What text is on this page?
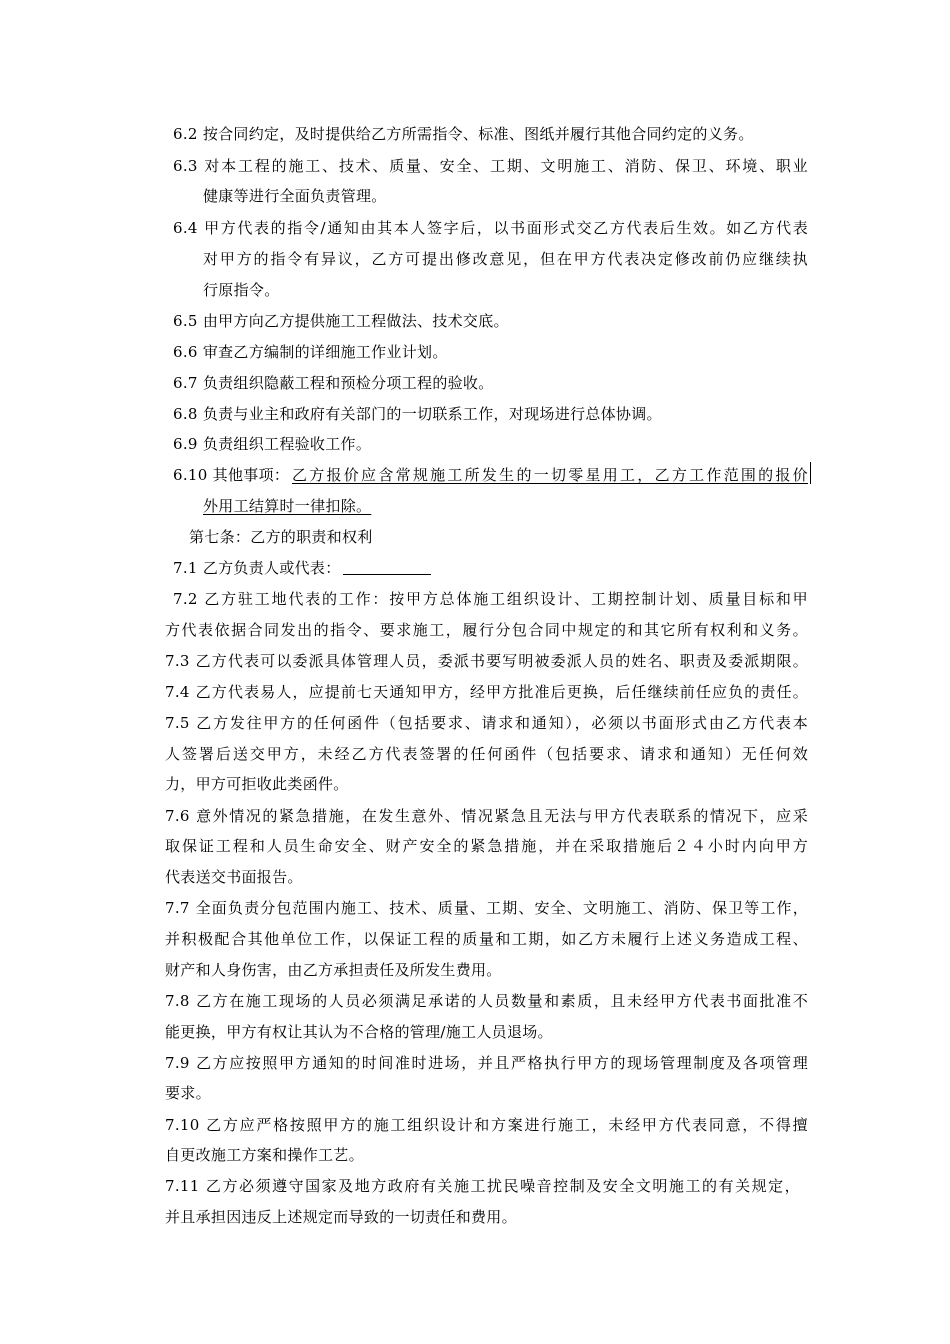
6.2 按合同约定，及时提供给乙方所需指令、标准、图纸并履行其他合同约定的义务。
6.3 对本工程的施工、技术、质量、安全、工期、文明施工、消防、保卫、环境、职业
健康等进行全面负责管理。
6.4 甲方代表的指令/通知由其本人签字后，以书面形式交乙方代表后生效。如乙方代表
对甲方的指令有异议，乙方可提出修改意见，但在甲方代表决定修改前仍应继续执
行原指令。
6.5 由甲方向乙方提供施工工程做法、技术交底。
6.6 审查乙方编制的详细施工作业计划。
6.7 负责组织隐蔽工程和预检分项工程的验收。
6.8 负责与业主和政府有关部门的一切联系工作，对现场进行总体协调。
6.9 负责组织工程验收工作。
6.10 其他事项： 乙方报价应含常规施工所发生的一切零星用工，乙方工作范围的报价
外用工结算时一律扣除。
第七条：乙方的职责和权利
7.1 乙方负责人或代表：
7.2 乙方驻工地代表的工作：按甲方总体施工组织设计、工期控制计划、质量目标和甲
方代表依据合同发出的指令、要求施工，履行分包合同中规定的和其它所有权利和义务。
7.3 乙方代表可以委派具体管理人员，委派书要写明被委派人员的姓名、职责及委派期限。
7.4 乙方代表易人，应提前七天通知甲方，经甲方批准后更换，后任继续前任应负的责任。
7.5 乙方发往甲方的任何函件（包括要求、请求和通知），必须以书面形式由乙方代表本
人签署后送交甲方，未经乙方代表签署的任何函件（包括要求、请求和通知）无任何效
力，甲方可拒收此类函件。
7.6 意外情况的紧急措施，在发生意外、情况紧急且无法与甲方代表联系的情况下，应采
取保证工程和人员生命安全、财产安全的紧急措施，并在采取措施后２４小时内向甲方
代表送交书面报告。
7.7 全面负责分包范围内施工、技术、质量、工期、安全、文明施工、消防、保卫等工作，
并积极配合其他单位工作，以保证工程的质量和工期，如乙方未履行上述义务造成工程、
财产和人身伤害，由乙方承担责任及所发生费用。
7.8 乙方在施工现场的人员必须满足承诺的人员数量和素质，且未经甲方代表书面批准不
能更换，甲方有权让其认为不合格的管理/施工人员退场。
7.9 乙方应按照甲方通知的时间准时进场，并且严格执行甲方的现场管理制度及各项管理
要求。
7.10 乙方应严格按照甲方的施工组织设计和方案进行施工，未经甲方代表同意，不得擅
自更改施工方案和操作工艺。
7.11 乙方必须遵守国家及地方政府有关施工扰民噪音控制及安全文明施工的有关规定，
并且承担因违反上述规定而导致的一切责任和费用。
